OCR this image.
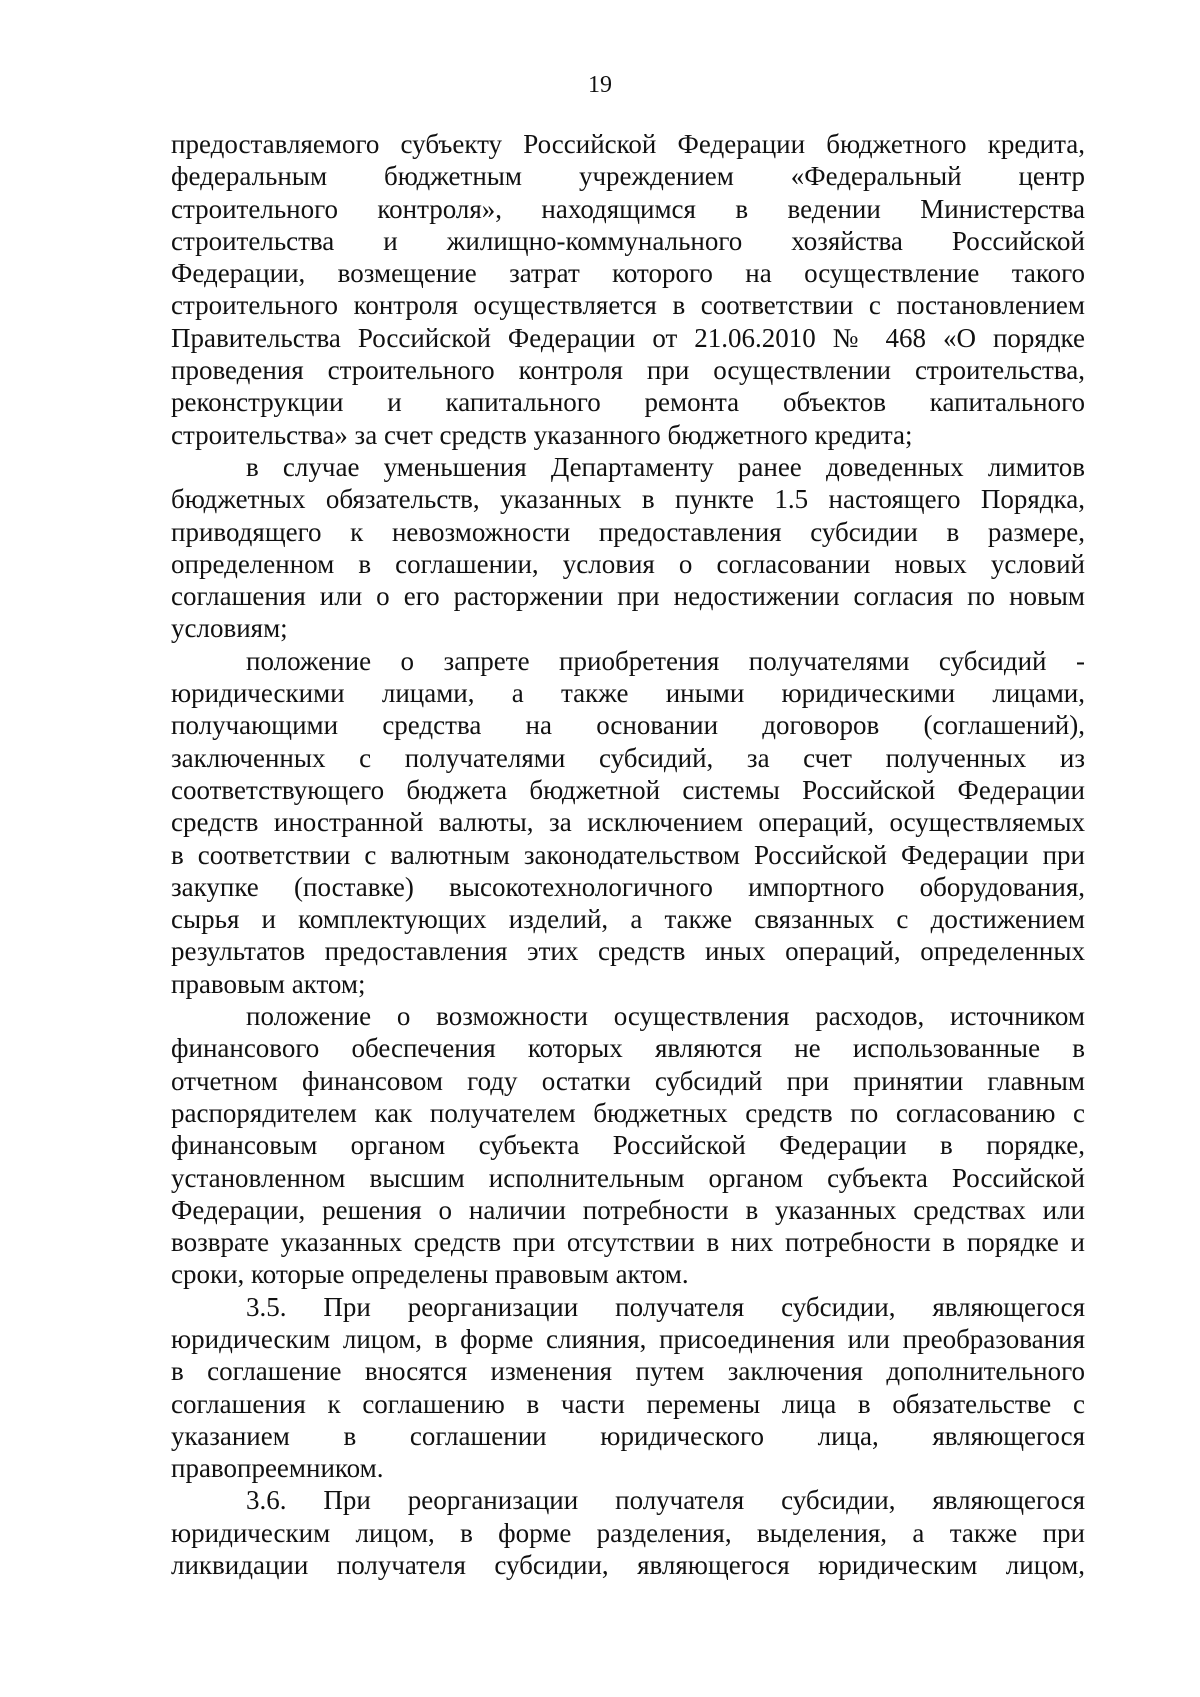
19
предоставляемого субъекту Российской Федерации бюджетного кредита,
федеральным бюджетным учреждением «Федеральный центр
строительного контроля», находящимся в ведении Министерства
строительства и жилищно-коммунального хозяйства Российской
Федерации, возмещение затрат которого на осуществление такого
строительного контроля осуществляется в соответствии с постановлением
Правительства Российской Федерации от 21.06.2010 № 468 «О порядке
проведения строительного контроля при осуществлении строительства,
реконструкции и капитального ремонта объектов капитального
строительства» за счет средств указанного бюджетного кредита;
в случае уменьшения Департаменту ранее доведенных лимитов
бюджетных обязательств, указанных в пункте 1.5 настоящего Порядка,
приводящего к невозможности предоставления субсидии в размере,
определенном в соглашении, условия о согласовании новых условий
соглашения или о его расторжении при недостижении согласия по новым
условиям;
положение о запрете приобретения получателями субсидий -
юридическими лицами, а также иными юридическими лицами,
получающими средства на основании договоров (соглашений),
заключенных с получателями субсидий, за счет полученных из
соответствующего бюджета бюджетной системы Российской Федерации
средств иностранной валюты, за исключением операций, осуществляемых
в соответствии с валютным законодательством Российской Федерации при
закупке (поставке) высокотехнологичного импортного оборудования,
сырья и комплектующих изделий, а также связанных с достижением
результатов предоставления этих средств иных операций, определенных
правовым актом;
положение о возможности осуществления расходов, источником
финансового обеспечения которых являются не использованные в
отчетном финансовом году остатки субсидий при принятии главным
распорядителем как получателем бюджетных средств по согласованию с
финансовым органом субъекта Российской Федерации в порядке,
установленном высшим исполнительным органом субъекта Российской
Федерации, решения о наличии потребности в указанных средствах или
возврате указанных средств при отсутствии в них потребности в порядке и
сроки, которые определены правовым актом.
3.5. При реорганизации получателя субсидии, являющегося
юридическим лицом, в форме слияния, присоединения или преобразования
в соглашение вносятся изменения путем заключения дополнительного
соглашения к соглашению в части перемены лица в обязательстве с
указанием в соглашении юридического лица, являющегося
правопреемником.
3.6. При реорганизации получателя субсидии, являющегося
юридическим лицом, в форме разделения, выделения, а также при
ликвидации получателя субсидии, являющегося юридическим лицом,
